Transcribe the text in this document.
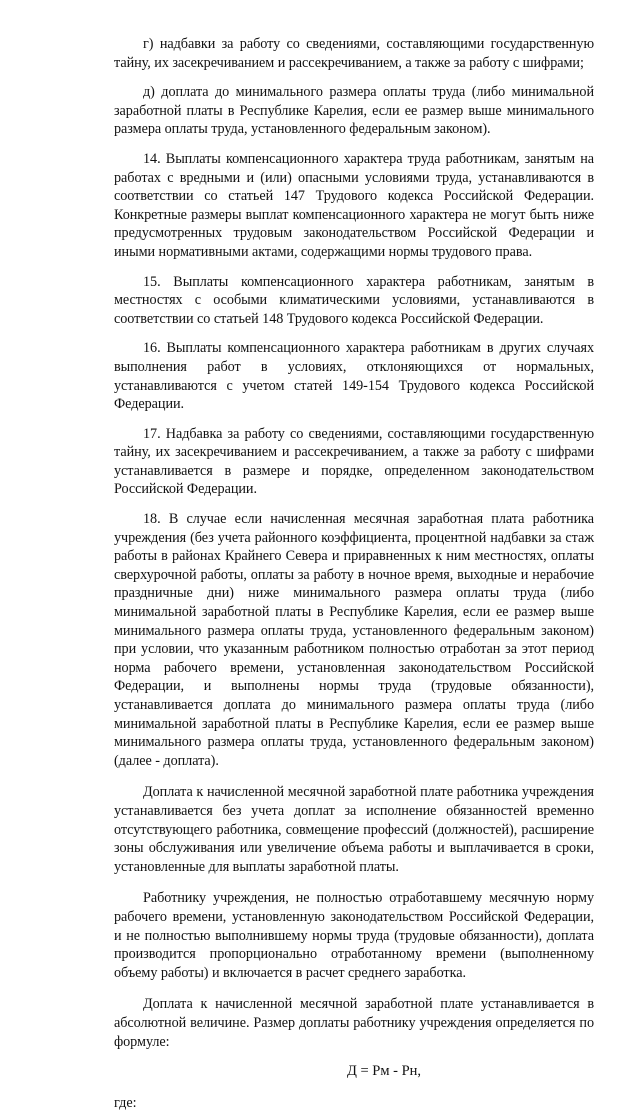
г) надбавки за работу со сведениями, составляющими государственную тайну, их засекречиванием и рассекречиванием, а также за работу с шифрами;

д) доплата до минимального размера оплаты труда (либо минимальной заработной платы в Республике Карелия, если ее размер выше минимального размера оплаты труда, установленного федеральным законом).

14. Выплаты компенсационного характера труда работникам, занятым на работах с вредными и (или) опасными условиями труда, устанавливаются в соответствии со статьей 147 Трудового кодекса Российской Федерации. Конкретные размеры выплат компенсационного характера не могут быть ниже предусмотренных трудовым законодательством Российской Федерации и иными нормативными актами, содержащими нормы трудового права.

15. Выплаты компенсационного характера работникам, занятым в местностях с особыми климатическими условиями, устанавливаются в соответствии со статьей 148 Трудового кодекса Российской Федерации.

16. Выплаты компенсационного характера работникам в других случаях выполнения работ в условиях, отклоняющихся от нормальных, устанавливаются с учетом статей 149-154 Трудового кодекса Российской Федерации.

17. Надбавка за работу со сведениями, составляющими государственную тайну, их засекречиванием и рассекречиванием, а также за работу с шифрами устанавливается в размере и порядке, определенном законодательством Российской Федерации.

18. В случае если начисленная месячная заработная плата работника учреждения (без учета районного коэффициента, процентной надбавки за стаж работы в районах Крайнего Севера и приравненных к ним местностях, оплаты сверхурочной работы, оплаты за работу в ночное время, выходные и нерабочие праздничные дни) ниже минимального размера оплаты труда (либо минимальной заработной платы в Республике Карелия, если ее размер выше минимального размера оплаты труда, установленного федеральным законом) при условии, что указанным работником полностью отработан за этот период норма рабочего времени, установленная законодательством Российской Федерации, и выполнены нормы труда (трудовые обязанности), устанавливается доплата до минимального размера оплаты труда (либо минимальной заработной платы в Республике Карелия, если ее размер выше минимального размера оплаты труда, установленного федеральным законом) (далее - доплата).

Доплата к начисленной месячной заработной плате работника учреждения устанавливается без учета доплат за исполнение обязанностей временно отсутствующего работника, совмещение профессий (должностей), расширение зоны обслуживания или увеличение объема работы и выплачивается в сроки, установленные для выплаты заработной платы.

Работнику учреждения, не полностью отработавшему месячную норму рабочего времени, установленную законодательством Российской Федерации, и не полностью выполнившему нормы труда (трудовые обязанности), доплата производится пропорционально отработанному времени (выполненному объему работы) и включается в расчет среднего заработка.

Доплата к начисленной месячной заработной плате устанавливается в абсолютной величине. Размер доплаты работнику учреждения определяется по формуле:

Д = Рм - Рн,
где:
